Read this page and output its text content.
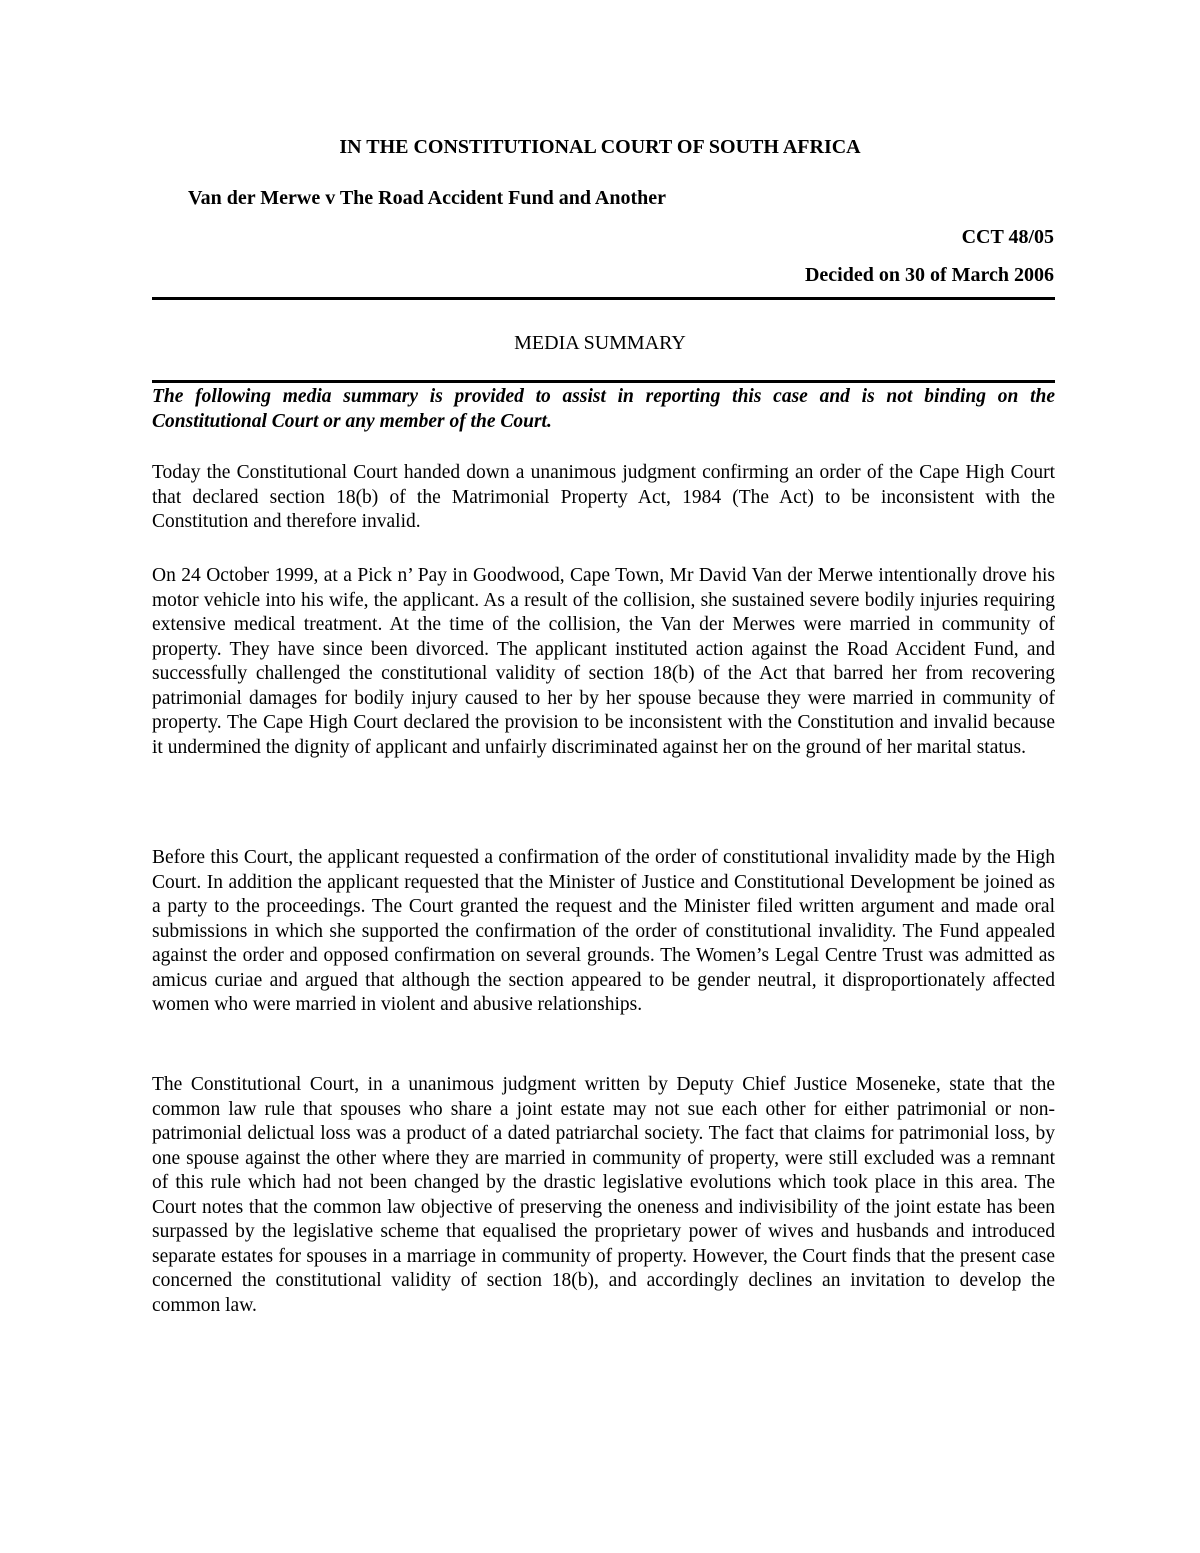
IN THE CONSTITUTIONAL COURT OF SOUTH AFRICA
Van der Merwe v The Road Accident Fund and Another
CCT 48/05
Decided on 30 of March 2006
MEDIA SUMMARY

The following media summary is provided to assist in reporting this case and is not binding on the Constitutional Court or any member of the Court.

Today the Constitutional Court handed down a unanimous judgment confirming an order of the Cape High Court that declared section 18(b) of the Matrimonial Property Act, 1984 (The Act) to be inconsistent with the Constitution and therefore invalid.

On 24 October 1999, at a Pick n’ Pay in Goodwood, Cape Town, Mr David Van der Merwe intentionally drove his motor vehicle into his wife, the applicant. As a result of the collision, she sustained severe bodily injuries requiring extensive medical treatment. At the time of the collision, the Van der Merwes were married in community of property. They have since been divorced. The applicant instituted action against the Road Accident Fund, and successfully challenged the constitutional validity of section 18(b) of the Act that barred her from recovering patrimonial damages for bodily injury caused to her by her spouse because they were married in community of property. The Cape High Court declared the provision to be inconsistent with the Constitution and invalid because it undermined the dignity of applicant and unfairly discriminated against her on the ground of her marital status.

Before this Court, the applicant requested a confirmation of the order of constitutional invalidity made by the High Court. In addition the applicant requested that the Minister of Justice and Constitutional Development be joined as a party to the proceedings. The Court granted the request and the Minister filed written argument and made oral submissions in which she supported the confirmation of the order of constitutional invalidity. The Fund appealed against the order and opposed confirmation on several grounds. The Women’s Legal Centre Trust was admitted as amicus curiae and argued that although the section appeared to be gender neutral, it disproportionately affected women who were married in violent and abusive relationships.

The Constitutional Court, in a unanimous judgment written by Deputy Chief Justice Moseneke, state that the common law rule that spouses who share a joint estate may not sue each other for either patrimonial or non-patrimonial delictual loss was a product of a dated patriarchal society. The fact that claims for patrimonial loss, by one spouse against the other where they are married in community of property, were still excluded was a remnant of this rule which had not been changed by the drastic legislative evolutions which took place in this area. The Court notes that the common law objective of preserving the oneness and indivisibility of the joint estate has been surpassed by the legislative scheme that equalised the proprietary power of wives and husbands and introduced separate estates for spouses in a marriage in community of property. However, the Court finds that the present case concerned the constitutional validity of section 18(b), and accordingly declines an invitation to develop the common law.
